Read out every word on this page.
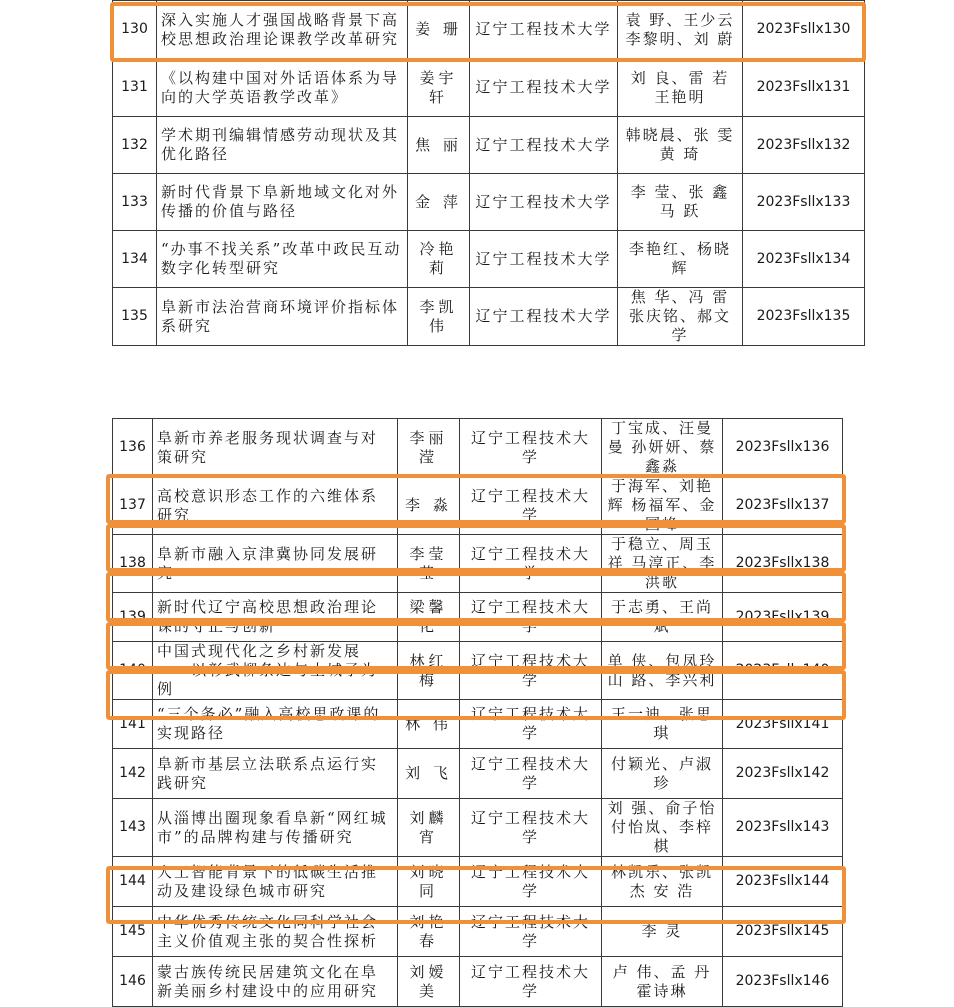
130	深入实施人才强国战略背景下高校思想政治理论课教学改革研究	姜 珊	辽宁工程技术大学	袁 野、王少云 李黎明、刘 蔚	2023Fsllx130
131	《以构建中国对外话语体系为导向的大学英语教学改革》	姜宇轩	辽宁工程技术大学	刘 良、雷 若 王艳明	2023Fsllx131
132	学术期刊编辑情感劳动现状及其优化路径	焦 丽	辽宁工程技术大学	韩晓晨、张 雯 黄 琦	2023Fsllx132
133	新时代背景下阜新地域文化对外传播的价值与路径	金 萍	辽宁工程技术大学	李 莹、张 鑫 马 跃	2023Fsllx133
134	“办事不找关系”改革中政民互动数字化转型研究	冷艳莉	辽宁工程技术大学	李艳红、杨晓辉	2023Fsllx134
135	阜新市法治营商环境评价指标体系研究	李凯伟	辽宁工程技术大学	焦 华、冯 雷 张庆铭、郝文学	2023Fsllx135
136	阜新市养老服务现状调查与对策研究	李丽滢	辽宁工程技术大学	丁宝成、汪曼曼 孙妍妍、蔡鑫淼	2023Fsllx136
137	高校意识形态工作的六维体系研究	李 淼	辽宁工程技术大学	于海军、刘艳辉 杨福军、金国峰	2023Fsllx137
138	阜新市融入京津冀协同发展研究	李莹莹	辽宁工程技术大学	于稳立、周玉祥 马淳正、李洪歌	2023Fsllx138
139	新时代辽宁高校思想政治理论课的守正与创新	梁馨化	辽宁工程技术大学	于志勇、王尚斌	2023Fsllx139
140	中国式现代化之乡村新发展——以彰武柳条边与土城子为例	林红梅	辽宁工程技术大学	单 侠、包凤玲 山 路、李兴利	2023Fsllx140
141	“三个务必”融入高校思政课的实现路径	林 伟	辽宁工程技术大学	王一迪、张思琪	2023Fsllx141
142	阜新市基层立法联系点运行实践研究	刘 飞	辽宁工程技术大学	付颖光、卢淑珍	2023Fsllx142
143	从淄博出圈现象看阜新“网红城市”的品牌构建与传播研究	刘麟宵	辽宁工程技术大学	刘 强、俞子怡 付怡岚、李梓棋	2023Fsllx143
144	人工智能背景下的低碳生活推动及建设绿色城市研究	刘晓同	辽宁工程技术大学	林凯乐、张凯杰 安 浩	2023Fsllx144
145	中华优秀传统文化同科学社会主义价值观主张的契合性探析	刘艳春	辽宁工程技术大学	李 灵	2023Fsllx145
146	蒙古族传统民居建筑文化在阜新美丽乡村建设中的应用研究	刘嫒美	辽宁工程技术大学	卢 伟、孟 丹 霍诗琳	2023Fsllx146
